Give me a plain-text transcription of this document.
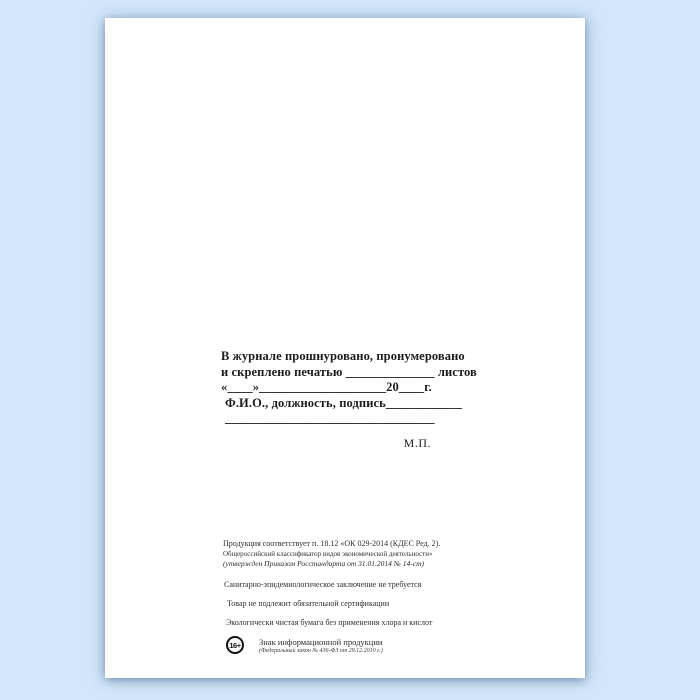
В журнале прошнуровано, пронумеровано
и скреплено печатью ______________ листов
«____»____________________20____г.
Ф.И.О., должность, подпись____________
_________________________________
М.П.
Продукция соответствует п. 18.12 «ОК 029-2014 (КДЕС Ред. 2).
Общероссийский классификатор видов экономической деятельности»
(утвержден Приказом Росстандарта от 31.01.2014 № 14-ст)
Санитарно-эпидемиологическое заключение не требуется
Товар не подлежит обязательной сертификации
Экологически чистая бумага без применения хлора и кислот
16+ Знак информационной продукции
(Федеральный закон № 436-ФЗ от 29.12.2010 г.)
